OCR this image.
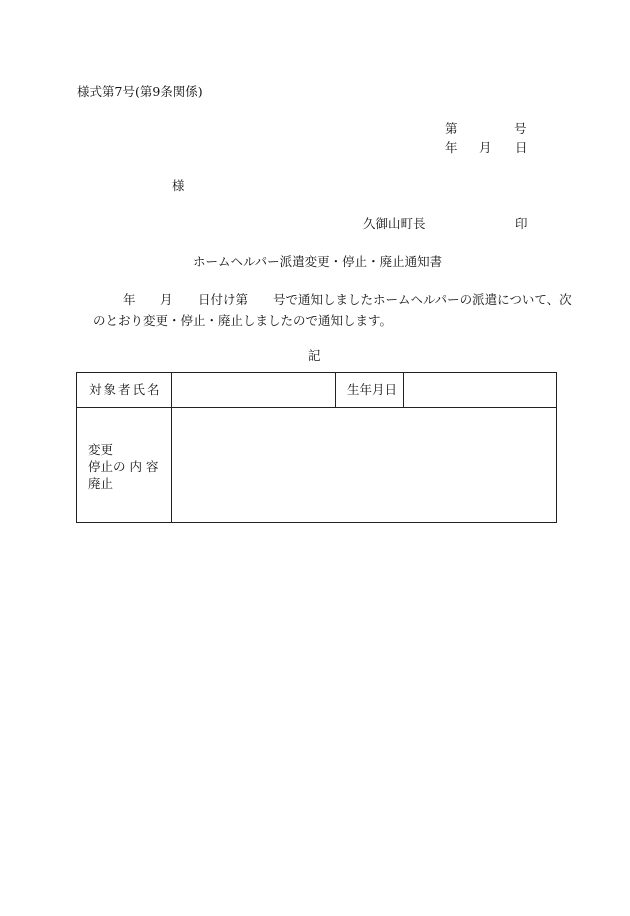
様式第7号(第9条関係)
第	号
年 月 日
様
久御山町長	印
ホームヘルパー派遣変更・停止・廃止通知書
年 月 日付け第　　号で通知しましたホームヘルパーの派遣について、次
のとおり変更・停止・廃止しましたので通知します。
記
対象者氏名	生年月日
変更
停止の 内 容
廃止
